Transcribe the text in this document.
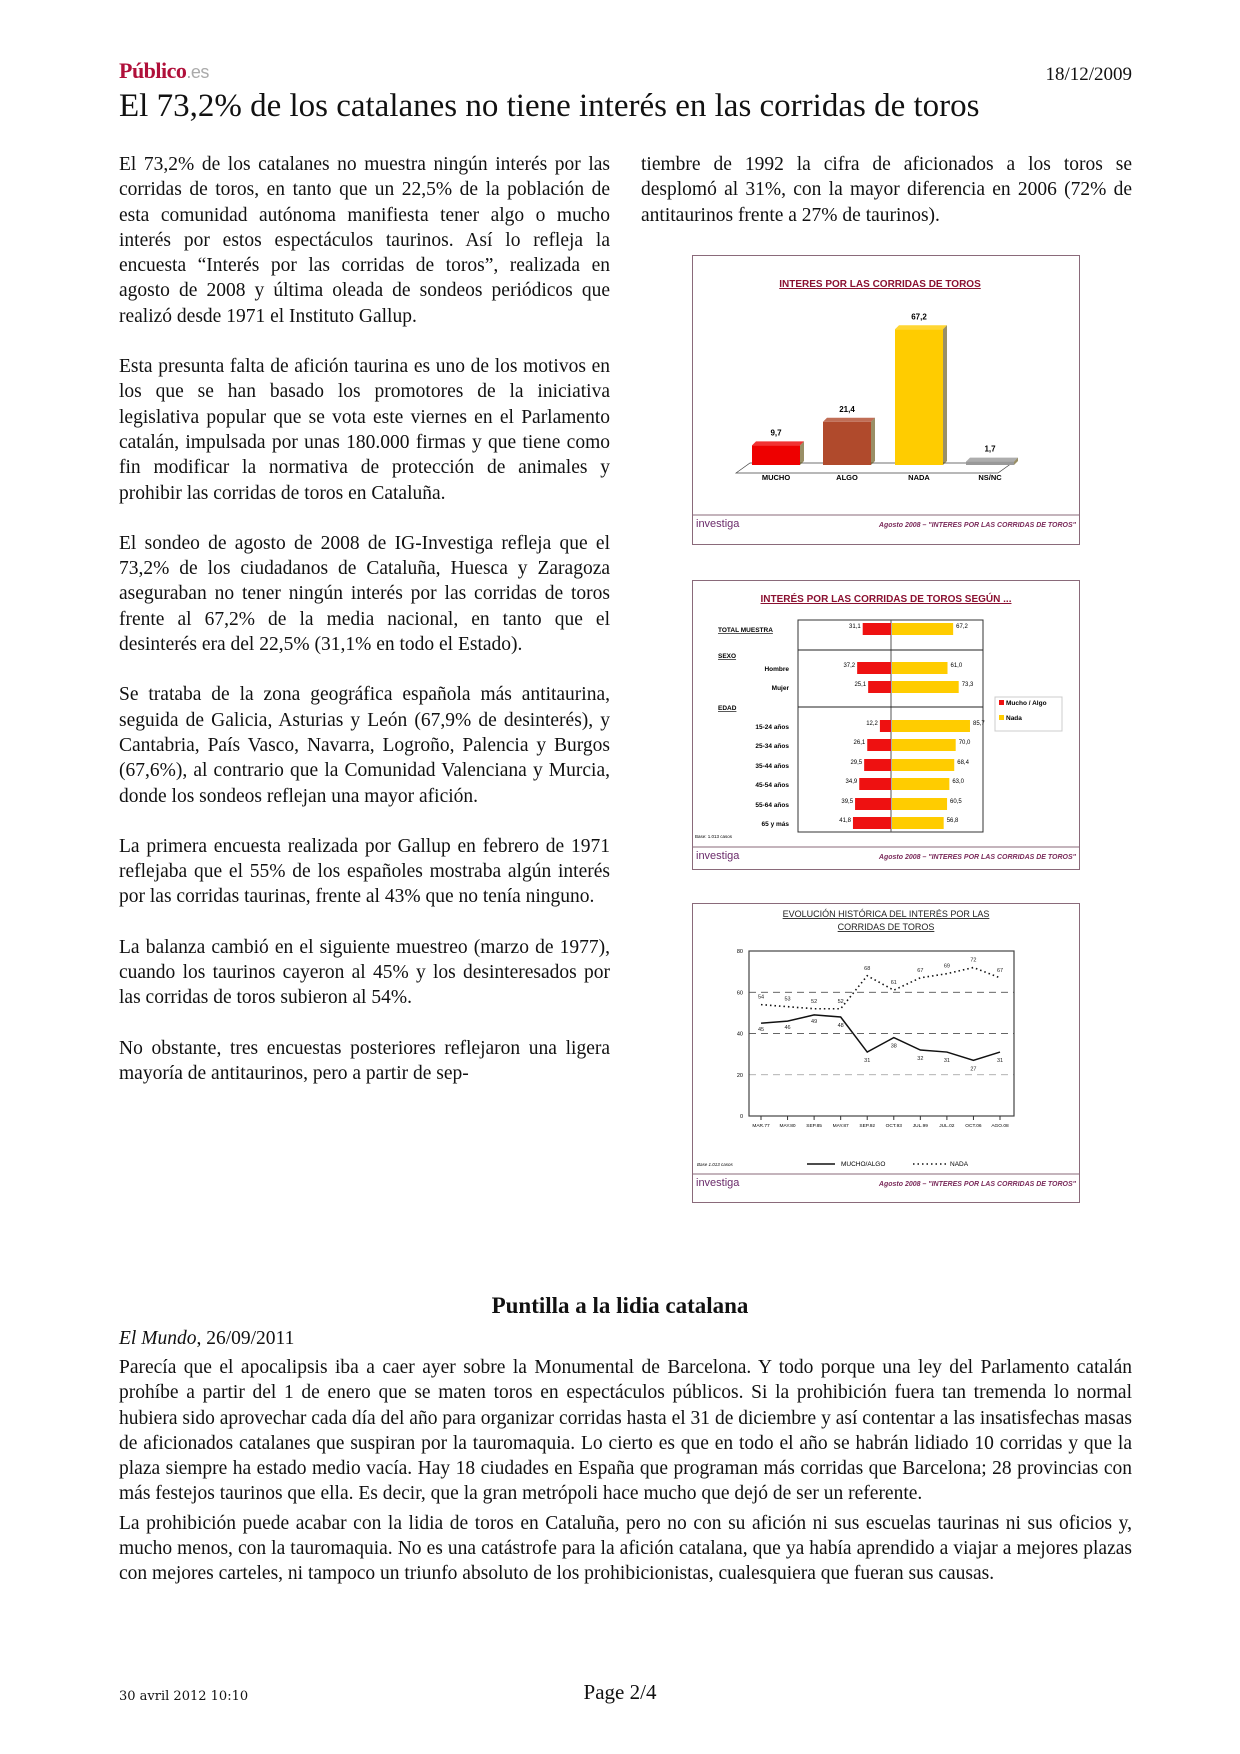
Público.es	18/12/2009
El 73,2% de los catalanes no tiene interés en las corridas de toros

El 73,2% de los catalanes no muestra ningún interés por las corridas de toros, en tanto que un 22,5% de la población de esta comunidad autónoma manifiesta tener algo o mucho interés por estos espectáculos taurinos. Así lo refleja la encuesta “Interés por las corridas de toros”, realizada en agosto de 2008 y última oleada de sondeos periódicos que realizó desde 1971 el Instituto Gallup.

Esta presunta falta de afición taurina es uno de los motivos en los que se han basado los promotores de la iniciativa legislativa popular que se vota este viernes en el Parlamento catalán, impulsada por unas 180.000 firmas y que tiene como fin modificar la normativa de protección de animales y prohibir las corridas de toros en Cataluña.

El sondeo de agosto de 2008 de IG-Investiga refleja que el 73,2% de los ciudadanos de Cataluña, Huesca y Zaragoza aseguraban no tener ningún interés por las corridas de toros frente al 67,2% de la media nacional, en tanto que el desinterés era del 22,5% (31,1% en todo el Estado).

Se trataba de la zona geográfica española más antitaurina, seguida de Galicia, Asturias y León (67,9% de desinterés), y Cantabria, País Vasco, Navarra, Logroño, Palencia y Burgos (67,6%), al contrario que la Comunidad Valenciana y Murcia, donde los sondeos reflejan una mayor afición.

La primera encuesta realizada por Gallup en febrero de 1971 reflejaba que el 55% de los españoles mostraba algún interés por las corridas taurinas, frente al 43% que no tenía ninguno.

La balanza cambió en el siguiente muestreo (marzo de 1977), cuando los taurinos cayeron al 45% y los desinteresados por las corridas de toros subieron al 54%.

No obstante, tres encuestas posteriores reflejaron una ligera mayoría de antitaurinos, pero a partir de sep-

tiembre de 1992 la cifra de aficionados a los toros se desplomó al 31%, con la mayor diferencia en 2006 (72% de antitaurinos frente a 27% de taurinos).

INTERES POR LAS CORRIDAS DE TOROS
9,7
MUCHO
21,4
ALGO
67,2
NADA
1,7
NS/NC
investiga	Agosto 2008 – "INTERES POR LAS CORRIDAS DE TOROS"
INTERÉS POR LAS CORRIDAS DE TOROS SEGÚN ...
SEXO
EDAD
TOTAL MUESTRA	31,1	67,2
Hombre	37,2	61,0
Mujer	25,1	73,3
15-24 años	12,2	85,7
25-34 años	26,1	70,0
35-44 años	29,5	68,4
45-54 años	34,9	63,0
55-64 años	39,5	60,5
65 y más	41,8	56,8
Mucho / Algo
Nada
Base: 1.013 casos
investiga	Agosto 2008 – "INTERES POR LAS CORRIDAS DE TOROS"
EVOLUCIÓN HISTÓRICA DEL INTERÉS POR LAS
CORRIDAS DE TOROS
0
20
40
60
80
MAR.77 MAY.80 SEP.85 MAY.87 SEP.92 OCT.93 JUL.99 JUL.02 OCT.06 AGO.08
45	46
49
48
31
38
32	31
27
31
54	53	52	52
68
61
67
69
72
67
Base 1.013 casos	MUCHO/ALGO	NADA
investiga	Agosto 2008 – "INTERES POR LAS CORRIDAS DE TOROS"
Puntilla a la lidia catalana
El Mundo, 26/09/2011

Parecía que el apocalipsis iba a caer ayer sobre la Monumental de Barcelona. Y todo porque una ley del Parlamento catalán prohíbe a partir del 1 de enero que se maten toros en espectáculos públicos. Si la prohibición fuera tan tremenda lo normal hubiera sido aprovechar cada día del año para organizar corridas hasta el 31 de diciembre y así contentar a las insatisfechas masas de aficionados catalanes que suspiran por la tauromaquia. Lo cierto es que en todo el año se habrán lidiado 10 corridas y que la plaza siempre ha estado medio vacía. Hay 18 ciudades en España que programan más corridas que Barcelona; 28 provincias con más festejos taurinos que ella. Es decir, que la gran metrópoli hace mucho que dejó de ser un referente.

La prohibición puede acabar con la lidia de toros en Cataluña, pero no con su afición ni sus escuelas taurinas ni sus oficios y, mucho menos, con la tauromaquia. No es una catástrofe para la afición catalana, que ya había aprendido a viajar a mejores plazas con mejores carteles, ni tampoco un triunfo absoluto de los prohibicionistas, cualesquiera que fueran sus causas.

30 avril 2012 10:10	Page 2/4
